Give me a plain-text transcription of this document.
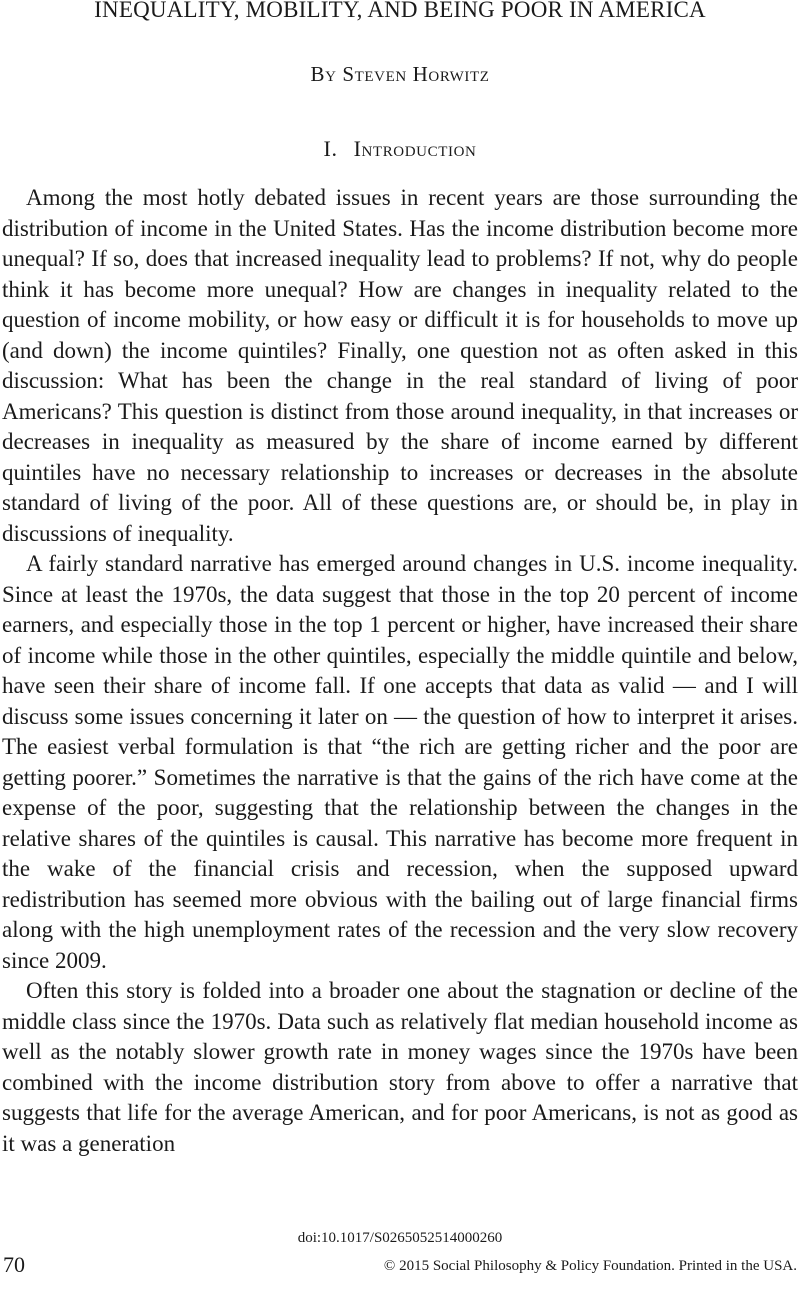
INEQUALITY, MOBILITY, AND BEING POOR IN AMERICA
By Steven Horwitz
I. Introduction

Among the most hotly debated issues in recent years are those surrounding the distribution of income in the United States. Has the income distribution become more unequal? If so, does that increased inequality lead to problems? If not, why do people think it has become more unequal? How are changes in inequality related to the question of income mobility, or how easy or difficult it is for households to move up (and down) the income quintiles? Finally, one question not as often asked in this discussion: What has been the change in the real standard of living of poor Americans? This question is distinct from those around inequality, in that increases or decreases in inequality as measured by the share of income earned by different quintiles have no necessary relationship to increases or decreases in the absolute standard of living of the poor. All of these questions are, or should be, in play in discussions of inequality.

A fairly standard narrative has emerged around changes in U.S. income inequality. Since at least the 1970s, the data suggest that those in the top 20 percent of income earners, and especially those in the top 1 percent or higher, have increased their share of income while those in the other quintiles, especially the middle quintile and below, have seen their share of income fall. If one accepts that data as valid — and I will discuss some issues concerning it later on — the question of how to interpret it arises. The easiest verbal formulation is that “the rich are getting richer and the poor are getting poorer.” Sometimes the narrative is that the gains of the rich have come at the expense of the poor, suggesting that the relationship between the changes in the relative shares of the quintiles is causal. This narrative has become more frequent in the wake of the financial crisis and recession, when the supposed upward redistribution has seemed more obvious with the bailing out of large financial firms along with the high unemployment rates of the recession and the very slow recovery since 2009.

Often this story is folded into a broader one about the stagnation or decline of the middle class since the 1970s. Data such as relatively flat median household income as well as the notably slower growth rate in money wages since the 1970s have been combined with the income distribution story from above to offer a narrative that suggests that life for the average American, and for poor Americans, is not as good as it was a generation

doi:10.1017/S0265052514000260
70	© 2015 Social Philosophy & Policy Foundation. Printed in the USA.
